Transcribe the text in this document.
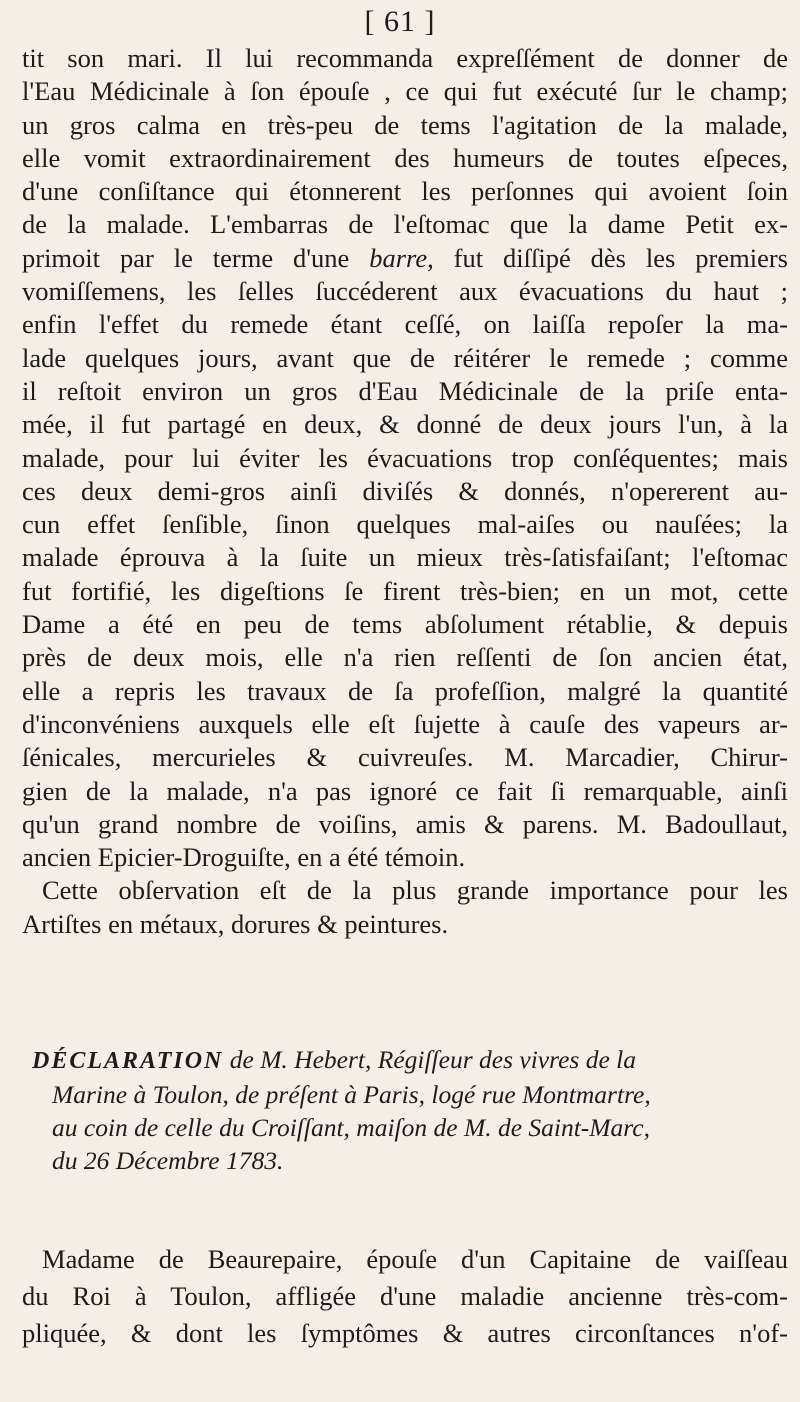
[ 61 ]
tit son mari. Il lui recommanda expreſſément de donner de
l'Eau Médicinale à ſon épouſe , ce qui fut exécuté ſur le champ;
un gros calma en très-peu de tems l'agitation de la malade,
elle vomit extraordinairement des humeurs de toutes eſpeces,
d'une conſiſtance qui étonnerent les perſonnes qui avoient ſoin
de la malade. L'embarras de l'eſtomac que la dame Petit ex-
primoit par le terme d'une barre, fut diſſipé dès les premiers
vomiſſemens, les ſelles ſuccéderent aux évacuations du haut ;
enfin l'effet du remede étant ceſſé, on laiſſa repoſer la ma-
lade quelques jours, avant que de réitérer le remede ; comme
il reſtoit environ un gros d'Eau Médicinale de la priſe enta-
mée, il fut partagé en deux, & donné de deux jours l'un, à la
malade, pour lui éviter les évacuations trop conſéquentes; mais
ces deux demi-gros ainſi diviſés & donnés, n'opererent au-
cun effet ſenſible, ſinon quelques mal-aiſes ou nauſées; la
malade éprouva à la ſuite un mieux très-ſatisfaiſant; l'eſtomac
fut fortifié, les digeſtions ſe firent très-bien; en un mot, cette
Dame a été en peu de tems abſolument rétablie, & depuis
près de deux mois, elle n'a rien reſſenti de ſon ancien état,
elle a repris les travaux de ſa profeſſion, malgré la quantité
d'inconvéniens auxquels elle eſt ſujette à cauſe des vapeurs ar-
ſénicales, mercurieles & cuivreuſes. M. Marcadier, Chirur-
gien de la malade, n'a pas ignoré ce fait ſi remarquable, ainſi
qu'un grand nombre de voiſins, amis & parens. M. Badoullaut,
ancien Epicier-Droguiſte, en a été témoin.
Cette obſervation eſt de la plus grande importance pour les
Artiſtes en métaux, dorures & peintures.
DÉCLARATION de M. Hebert, Régiſſeur des vivres de la
Marine à Toulon, de préſent à Paris, logé rue Montmartre,
au coin de celle du Croiſſant, maiſon de M. de Saint-Marc,
du 26 Décembre 1783.
Madame de Beaurepaire, épouſe d'un Capitaine de vaiſſeau
du Roi à Toulon, affligée d'une maladie ancienne très-com-
pliquée, & dont les ſymptômes & autres circonſtances n'of-
